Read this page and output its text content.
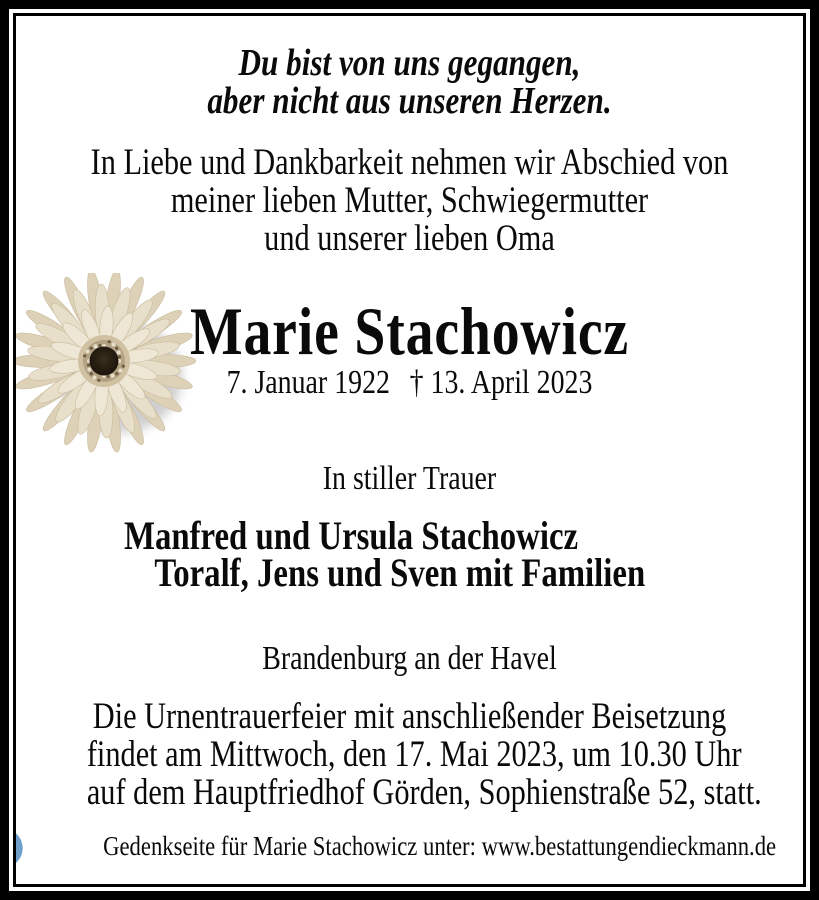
Du bist von uns gegangen,
aber nicht aus unseren Herzen.
In Liebe und Dankbarkeit nehmen wir Abschied von
meiner lieben Mutter, Schwiegermutter
und unserer lieben Oma
Marie Stachowicz
7. Januar 1922 † 13. April 2023
In stiller Trauer
Manfred und Ursula Stachowicz
Toralf, Jens und Sven mit Familien
Brandenburg an der Havel
Die Urnentrauerfeier mit anschließender Beisetzung
findet am Mittwoch, den 17. Mai 2023, um 10.30 Uhr
auf dem Hauptfriedhof Görden, Sophienstraße 52, statt.
Gedenkseite für Marie Stachowicz unter: www.bestattungendieckmann.de
